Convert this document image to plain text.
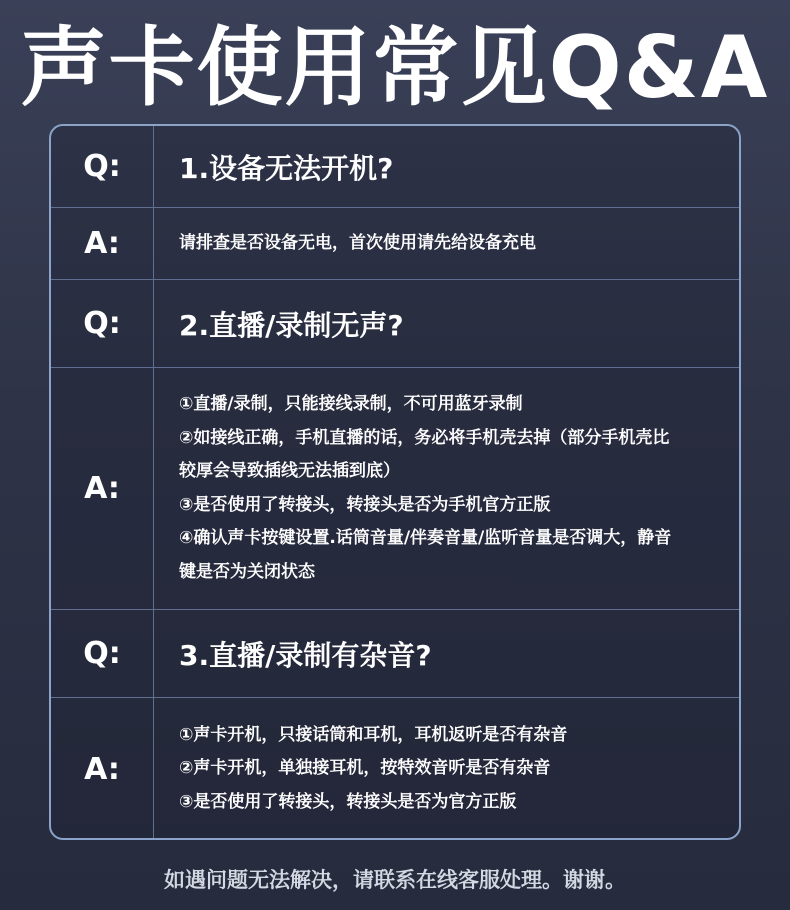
声卡使用常见Q&A
Q:	1.设备无法开机?
A:	请排查是否设备无电，首次使用请先给设备充电
Q:	2.直播/录制无声?
A:
①直播/录制，只能接线录制，不可用蓝牙录制
②如接线正确，手机直播的话，务必将手机壳去掉（部分手机壳比
较厚会导致插线无法插到底）
③是否使用了转接头，转接头是否为手机官方正版
④确认声卡按键设置.话筒音量/伴奏音量/监听音量是否调大，静音
键是否为关闭状态
Q:	3.直播/录制有杂音?
A:
①声卡开机，只接话筒和耳机，耳机返听是否有杂音
②声卡开机，单独接耳机，按特效音听是否有杂音
③是否使用了转接头，转接头是否为官方正版
如遇问题无法解决，请联系在线客服处理。谢谢。
